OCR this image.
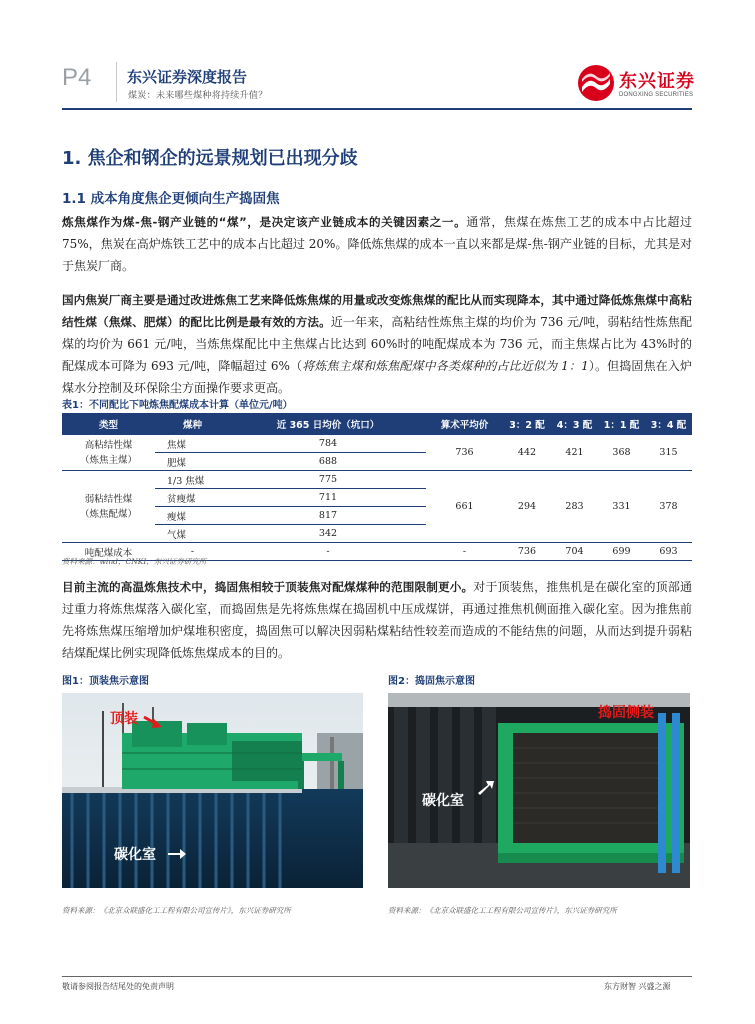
P4 东兴证券深度报告
煤炭：未来哪些煤种将持续升值？
东兴证券
DONGXING SECURITIES
1. 焦企和钢企的远景规划已出现分歧
1.1 成本角度焦企更倾向生产捣固焦
炼焦煤作为煤-焦-钢产业链的“煤”，是决定该产业链成本的关键因素之一。通常，焦煤在炼焦工艺的成本中占比超过 75%，焦炭在高炉炼铁工艺中的成本占比超过 20%。降低炼焦煤的成本一直以来都是煤-焦-钢产业链的目标，尤其是对于焦炭厂商。
国内焦炭厂商主要是通过改进炼焦工艺来降低炼焦煤的用量或改变炼焦煤的配比从而实现降本，其中通过降低炼焦煤中高粘结性煤（焦煤、肥煤）的配比比例是最有效的方法。近一年来，高粘结性炼焦主煤的均价为 736 元/吨，弱粘结性炼焦配煤的均价为 661 元/吨，当炼焦煤配比中主焦煤占比达到 60%时的吨配煤成本为 736 元，而主焦煤占比为 43%时的配煤成本可降为 693 元/吨，降幅超过 6%（将炼焦主煤和炼焦配煤中各类煤种的占比近似为 1：1）。但捣固焦在入炉煤水分控制及环保除尘方面操作要求更高。
表1：不同配比下吨炼焦配煤成本计算（单位元/吨）
类型	煤种	近 365 日均价（坑口）	算术平均价	3：2 配	4：3 配	1：1 配	3：4 配
高粘结性煤
（炼焦主煤）	焦煤	784	736	442	421	368	315
	肥煤	688					
弱粘结性煤
（炼焦配煤）	1/3 焦煤	775	661	294	283	331	378
	贫瘦煤	711					
	瘦煤	817					
	气煤	342					
吨配煤成本	-	-	-	736	704	699	693
资料来源：wind，CNKI，东兴证券研究所
目前主流的高温炼焦技术中，捣固焦相较于顶装焦对配煤煤种的范围限制更小。对于顶装焦，推焦机是在碳化室的顶部通过重力将炼焦煤落入碳化室，而捣固焦是先将炼焦煤在捣固机中压成煤饼，再通过推焦机侧面推入碳化室。因为推焦前先将炼焦煤压缩增加炉煤堆积密度，捣固焦可以解决因弱粘煤粘结性较差而造成的不能结焦的问题，从而达到提升弱粘结煤配煤比例实现降低炼焦煤成本的目的。
图1：顶装焦示意图
顶装
碳化室
资料来源：《北京众联盛化工工程有限公司宣传片》，东兴证券研究所
图2：捣固焦示意图
捣固侧装
碳化室
资料来源：《北京众联盛化工工程有限公司宣传片》，东兴证券研究所
敬请参阅报告结尾处的免责声明	东方财智 兴盛之源
